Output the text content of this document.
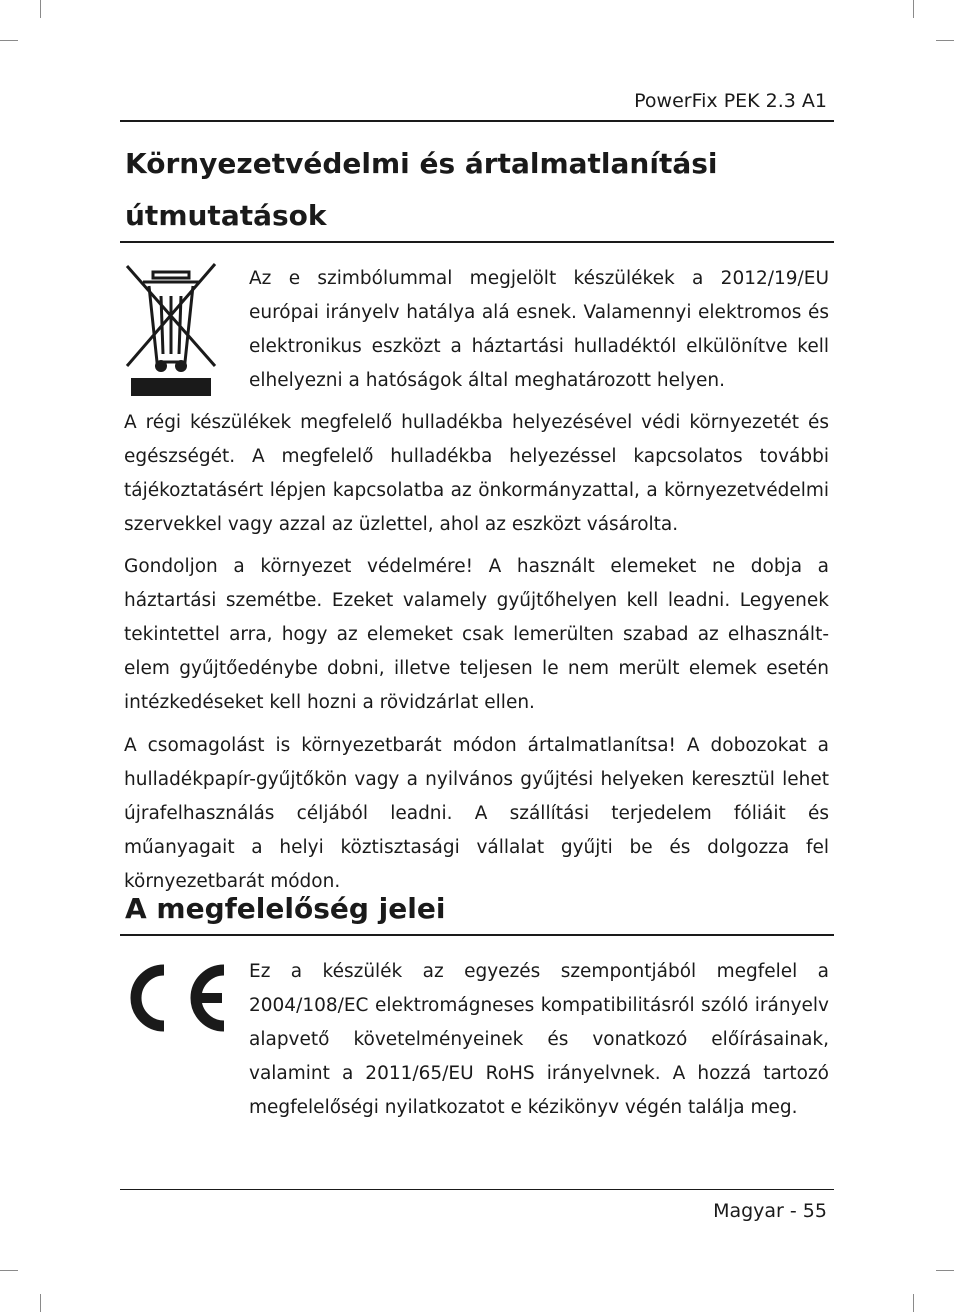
PowerFix PEK 2.3 A1
Környezetvédelmi és ártalmatlanítási útmutatások

Az e szimbólummal megjelölt készülékek a 2012/19/EU európai irányelv hatálya alá esnek. Valamennyi elektromos és elektronikus eszközt a háztartási hulladéktól elkülönítve kell elhelyezni a hatóságok által meghatározott helyen.

A régi készülékek megfelelő hulladékba helyezésével védi környezetét és egészségét. A megfelelő hulladékba helyezéssel kapcsolatos további tájékoztatásért lépjen kapcsolatba az önkormányzattal, a környezetvédelmi szervekkel vagy azzal az üzlettel, ahol az eszközt vásárolta.

Gondoljon a környezet védelmére! A használt elemeket ne dobja a háztartási szemétbe. Ezeket valamely gyűjtőhelyen kell leadni. Legyenek tekintettel arra, hogy az elemeket csak lemerülten szabad az elhasznált-elem gyűjtőedénybe dobni, illetve teljesen le nem merült elemek esetén intézkedéseket kell hozni a rövidzárlat ellen.

A csomagolást is környezetbarát módon ártalmatlanítsa! A dobozokat a hulladékpapír-gyűjtőkön vagy a nyilvános gyűjtési helyeken keresztül lehet újrafelhasználás céljából leadni. A szállítási terjedelem fóliáit és műanyagait a helyi köztisztasági vállalat gyűjti be és dolgozza fel környezetbarát módon.

A megfelelőség jelei

Ez a készülék az egyezés szempontjából megfelel a 2004/108/EC elektromágneses kompatibilitásról szóló irányelv alapvető követelményeinek és vonatkozó előírásainak, valamint a 2011/65/EU RoHS irányelvnek. A hozzá tartozó megfelelőségi nyilatkozatot e kézikönyv végén találja meg.

Magyar - 55
